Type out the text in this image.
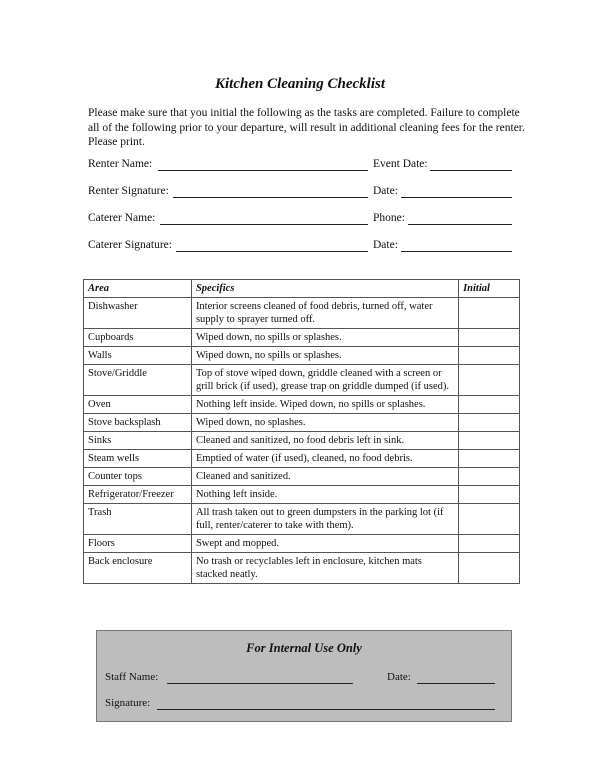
Kitchen Cleaning Checklist
Please make sure that you initial the following as the tasks are completed. Failure to complete all of the following prior to your departure, will result in additional cleaning fees for the renter. Please print.
Renter Name:	Event Date:
Renter Signature:	Date:
Caterer Name:	Phone:
Caterer Signature:	Date:
Area	Specifics	Initial
Dishwasher	Interior screens cleaned of food debris, turned off, water supply to sprayer turned off.	
Cupboards	Wiped down, no spills or splashes.	
Walls	Wiped down, no spills or splashes.	
Stove/Griddle	Top of stove wiped down, griddle cleaned with a screen or grill brick (if used), grease trap on griddle dumped (if used).	
Oven	Nothing left inside. Wiped down, no spills or splashes.	
Stove backsplash	Wiped down, no splashes.	
Sinks	Cleaned and sanitized, no food debris left in sink.	
Steam wells	Emptied of water (if used), cleaned, no food debris.	
Counter tops	Cleaned and sanitized.	
Refrigerator/Freezer	Nothing left inside.	
Trash	All trash taken out to green dumpsters in the parking lot (if full, renter/caterer to take with them).	
Floors	Swept and mopped.	
Back enclosure	No trash or recyclables left in enclosure, kitchen mats stacked neatly.	
For Internal Use Only
Staff Name:	Date:
Signature:
